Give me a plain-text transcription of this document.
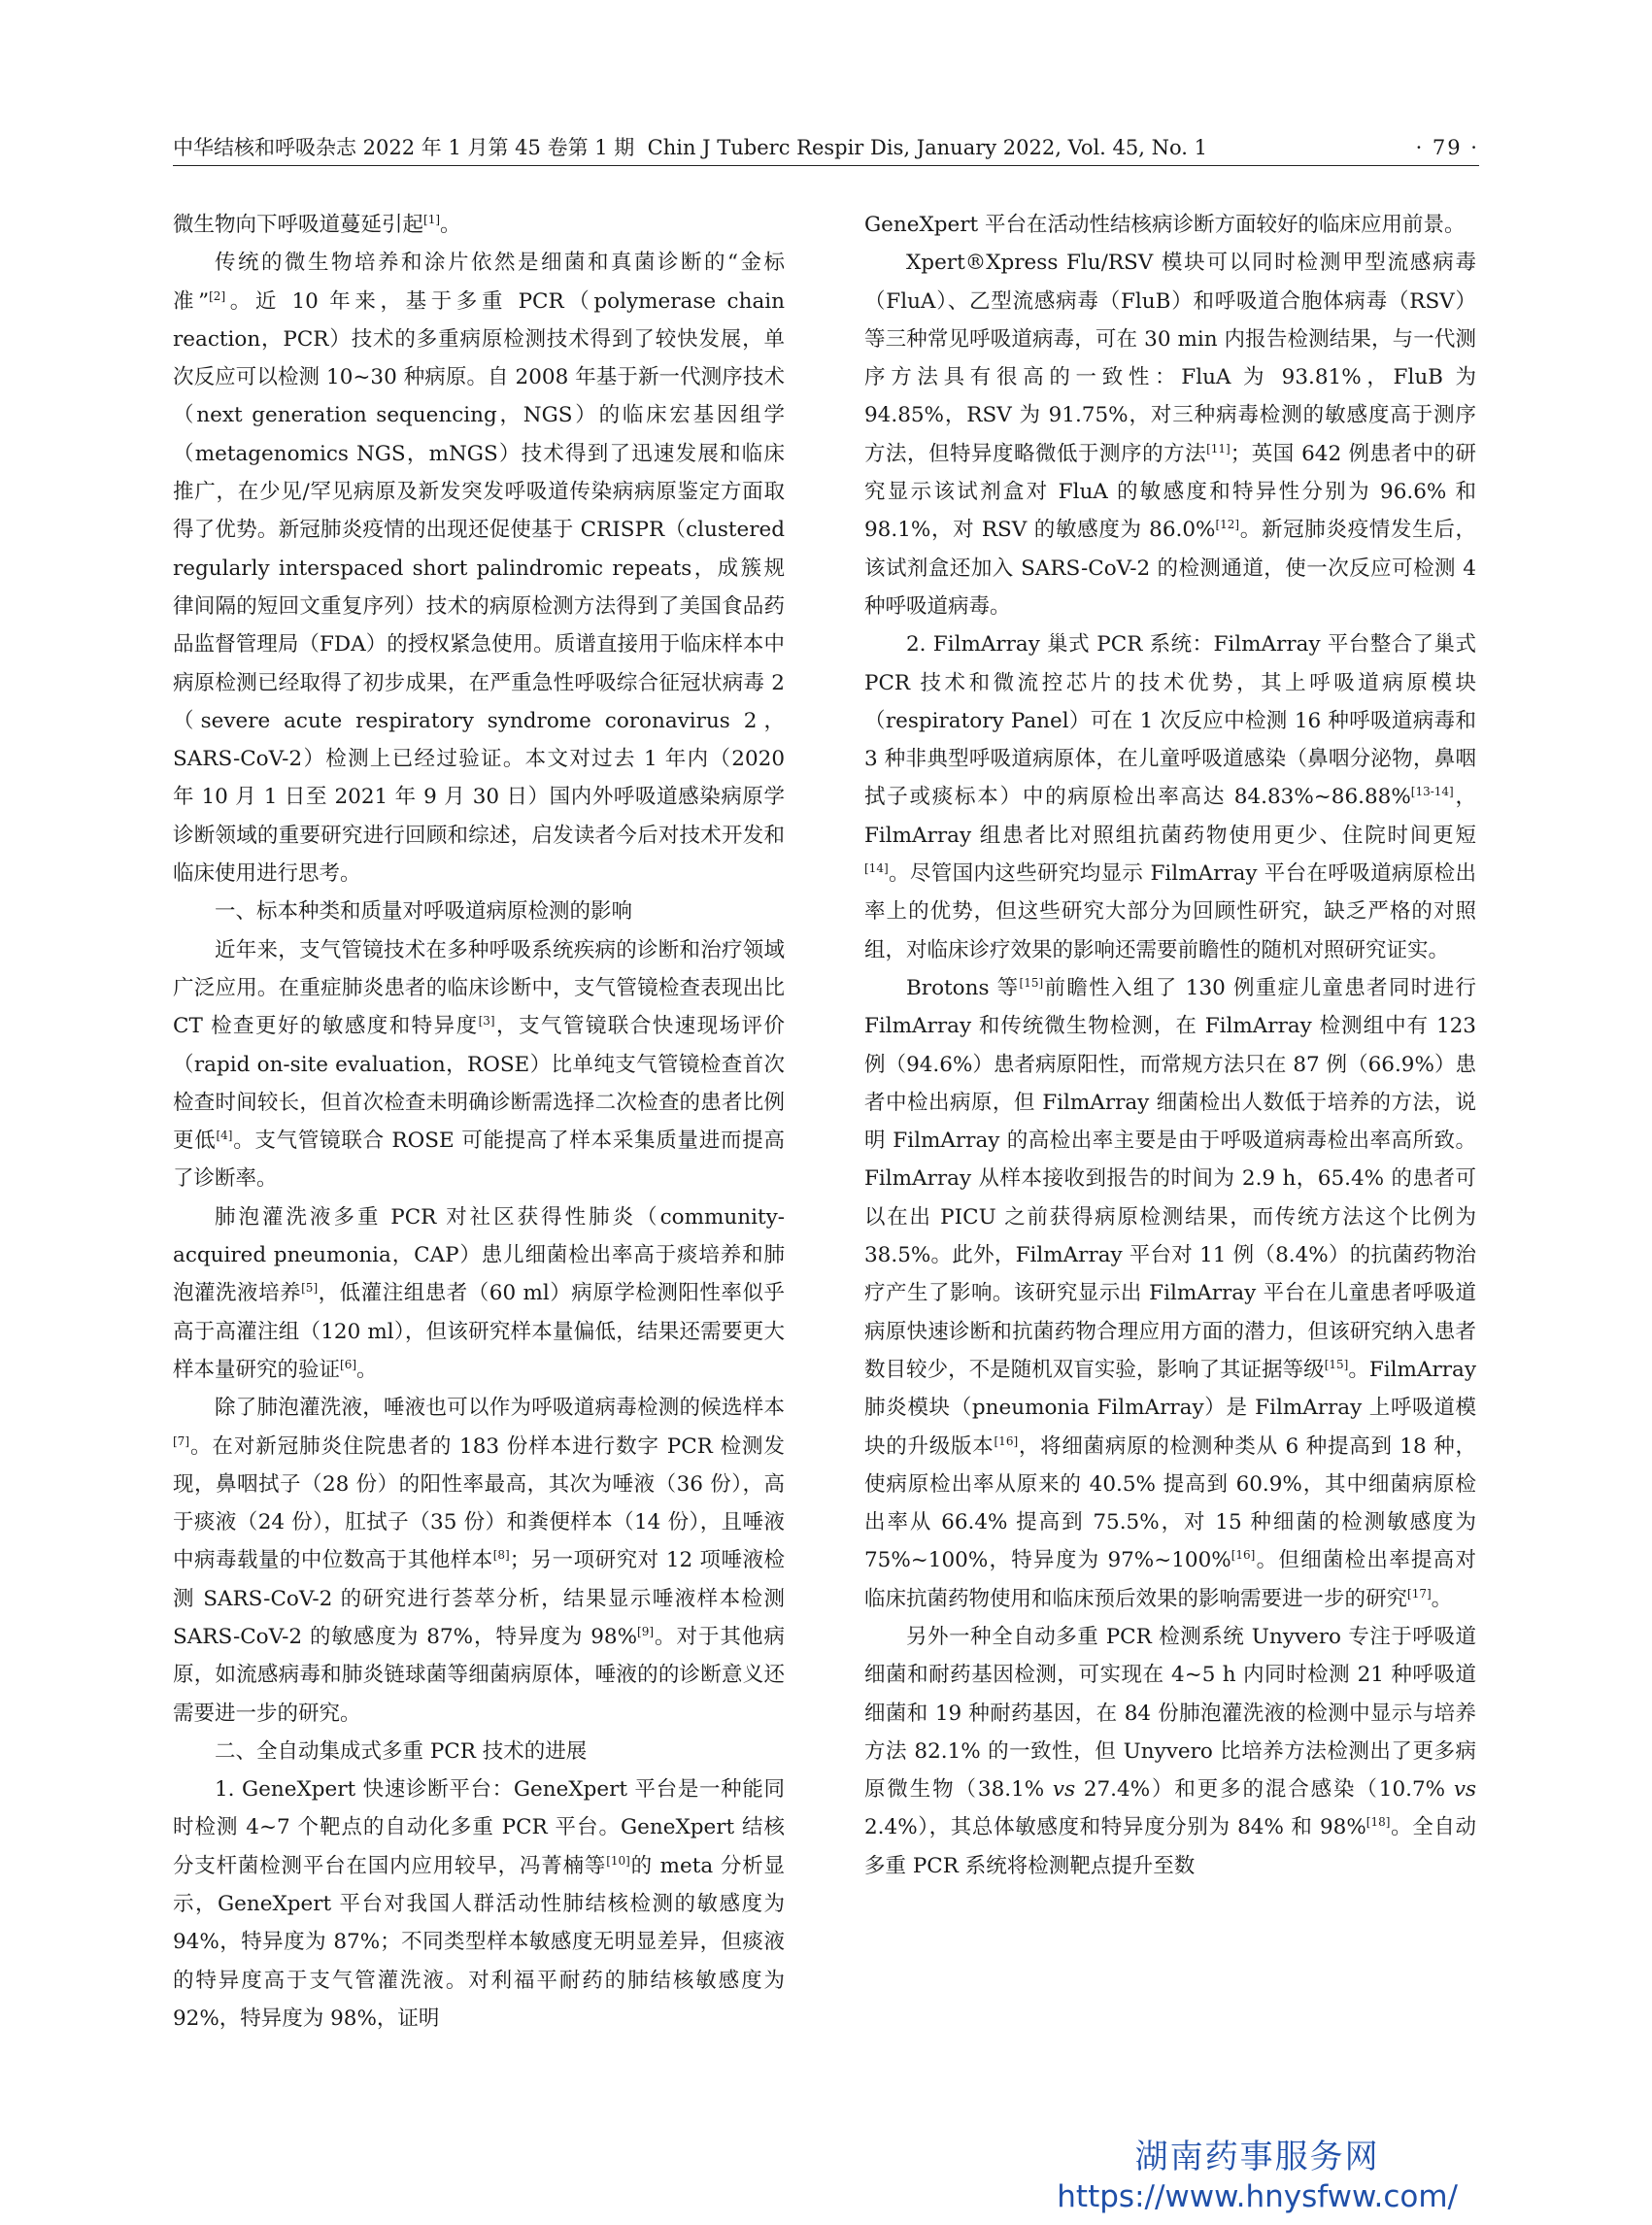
中华结核和呼吸杂志 2022 年 1 月第 45 卷第 1 期 Chin J Tuberc Respir Dis, January 2022, Vol. 45, No. 1	· 79 ·

微生物向下呼吸道蔓延引起[1]。

传统的微生物培养和涂片依然是细菌和真菌诊断的“金标准”[2]。近 10 年来，基于多重 PCR（polymerase chain reaction，PCR）技术的多重病原检测技术得到了较快发展，单次反应可以检测 10~30 种病原。自 2008 年基于新一代测序技术（next generation sequencing，NGS）的临床宏基因组学（metagenomics NGS，mNGS）技术得到了迅速发展和临床推广，在少见/罕见病原及新发突发呼吸道传染病病原鉴定方面取得了优势。新冠肺炎疫情的出现还促使基于 CRISPR（clustered regularly interspaced short palindromic repeats，成簇规律间隔的短回文重复序列）技术的病原检测方法得到了美国食品药品监督管理局（FDA）的授权紧急使用。质谱直接用于临床样本中病原检测已经取得了初步成果，在严重急性呼吸综合征冠状病毒 2（severe acute respiratory syndrome coronavirus 2，SARS-CoV-2）检测上已经过验证。本文对过去 1 年内（2020 年 10 月 1 日至 2021 年 9 月 30 日）国内外呼吸道感染病原学诊断领域的重要研究进行回顾和综述，启发读者今后对技术开发和临床使用进行思考。

一、标本种类和质量对呼吸道病原检测的影响

近年来，支气管镜技术在多种呼吸系统疾病的诊断和治疗领域广泛应用。在重症肺炎患者的临床诊断中，支气管镜检查表现出比 CT 检查更好的敏感度和特异度[3]，支气管镜联合快速现场评价（rapid on-site evaluation，ROSE）比单纯支气管镜检查首次检查时间较长，但首次检查未明确诊断需选择二次检查的患者比例更低[4]。支气管镜联合 ROSE 可能提高了样本采集质量进而提高了诊断率。

肺泡灌洗液多重 PCR 对社区获得性肺炎（community-acquired pneumonia，CAP）患儿细菌检出率高于痰培养和肺泡灌洗液培养[5]，低灌注组患者（60 ml）病原学检测阳性率似乎高于高灌注组（120 ml），但该研究样本量偏低，结果还需要更大样本量研究的验证[6]。

除了肺泡灌洗液，唾液也可以作为呼吸道病毒检测的候选样本[7]。在对新冠肺炎住院患者的 183 份样本进行数字 PCR 检测发现，鼻咽拭子（28 份）的阳性率最高，其次为唾液（36 份），高于痰液（24 份），肛拭子（35 份）和粪便样本（14 份），且唾液中病毒载量的中位数高于其他样本[8]；另一项研究对 12 项唾液检测 SARS-CoV-2 的研究进行荟萃分析，结果显示唾液样本检测 SARS-CoV-2 的敏感度为 87%，特异度为 98%[9]。对于其他病原，如流感病毒和肺炎链球菌等细菌病原体，唾液的的诊断意义还需要进一步的研究。

二、全自动集成式多重 PCR 技术的进展

1. GeneXpert 快速诊断平台：GeneXpert 平台是一种能同时检测 4~7 个靶点的自动化多重 PCR 平台。GeneXpert 结核分支杆菌检测平台在国内应用较早，冯菁楠等[10]的 meta 分析显示，GeneXpert 平台对我国人群活动性肺结核检测的敏感度为 94%，特异度为 87%；不同类型样本敏感度无明显差异，但痰液的特异度高于支气管灌洗液。对利福平耐药的肺结核敏感度为 92%，特异度为 98%，证明

GeneXpert 平台在活动性结核病诊断方面较好的临床应用前景。

Xpert®Xpress Flu/RSV 模块可以同时检测甲型流感病毒（FluA）、乙型流感病毒（FluB）和呼吸道合胞体病毒（RSV）等三种常见呼吸道病毒，可在 30 min 内报告检测结果，与一代测序方法具有很高的一致性：FluA 为 93.81%，FluB 为 94.85%，RSV 为 91.75%，对三种病毒检测的敏感度高于测序方法，但特异度略微低于测序的方法[11]；英国 642 例患者中的研究显示该试剂盒对 FluA 的敏感度和特异性分别为 96.6% 和 98.1%，对 RSV 的敏感度为 86.0%[12]。新冠肺炎疫情发生后，该试剂盒还加入 SARS-CoV-2 的检测通道，使一次反应可检测 4 种呼吸道病毒。

2. FilmArray 巢式 PCR 系统：FilmArray 平台整合了巢式 PCR 技术和微流控芯片的技术优势，其上呼吸道病原模块（respiratory Panel）可在 1 次反应中检测 16 种呼吸道病毒和 3 种非典型呼吸道病原体，在儿童呼吸道感染（鼻咽分泌物，鼻咽拭子或痰标本）中的病原检出率高达 84.83%~86.88%[13-14]，FilmArray 组患者比对照组抗菌药物使用更少、住院时间更短[14]。尽管国内这些研究均显示 FilmArray 平台在呼吸道病原检出率上的优势，但这些研究大部分为回顾性研究，缺乏严格的对照组，对临床诊疗效果的影响还需要前瞻性的随机对照研究证实。

Brotons 等[15]前瞻性入组了 130 例重症儿童患者同时进行 FilmArray 和传统微生物检测，在 FilmArray 检测组中有 123 例（94.6%）患者病原阳性，而常规方法只在 87 例（66.9%）患者中检出病原，但 FilmArray 细菌检出人数低于培养的方法，说明 FilmArray 的高检出率主要是由于呼吸道病毒检出率高所致。FilmArray 从样本接收到报告的时间为 2.9 h，65.4% 的患者可以在出 PICU 之前获得病原检测结果，而传统方法这个比例为 38.5%。此外，FilmArray 平台对 11 例（8.4%）的抗菌药物治疗产生了影响。该研究显示出 FilmArray 平台在儿童患者呼吸道病原快速诊断和抗菌药物合理应用方面的潜力，但该研究纳入患者数目较少，不是随机双盲实验，影响了其证据等级[15]。FilmArray 肺炎模块（pneumonia FilmArray）是 FilmArray 上呼吸道模块的升级版本[16]，将细菌病原的检测种类从 6 种提高到 18 种，使病原检出率从原来的 40.5% 提高到 60.9%，其中细菌病原检出率从 66.4% 提高到 75.5%，对 15 种细菌的检测敏感度为 75%~100%，特异度为 97%~100%[16]。但细菌检出率提高对临床抗菌药物使用和临床预后效果的影响需要进一步的研究[17]。

另外一种全自动多重 PCR 检测系统 Unyvero 专注于呼吸道细菌和耐药基因检测，可实现在 4~5 h 内同时检测 21 种呼吸道细菌和 19 种耐药基因，在 84 份肺泡灌洗液的检测中显示与培养方法 82.1% 的一致性，但 Unyvero 比培养方法检测出了更多病原微生物（38.1% vs 27.4%）和更多的混合感染（10.7% vs 2.4%），其总体敏感度和特异度分别为 84% 和 98%[18]。全自动多重 PCR 系统将检测靶点提升至数

湖南药事服务网
https://www.hnysfww.com/
